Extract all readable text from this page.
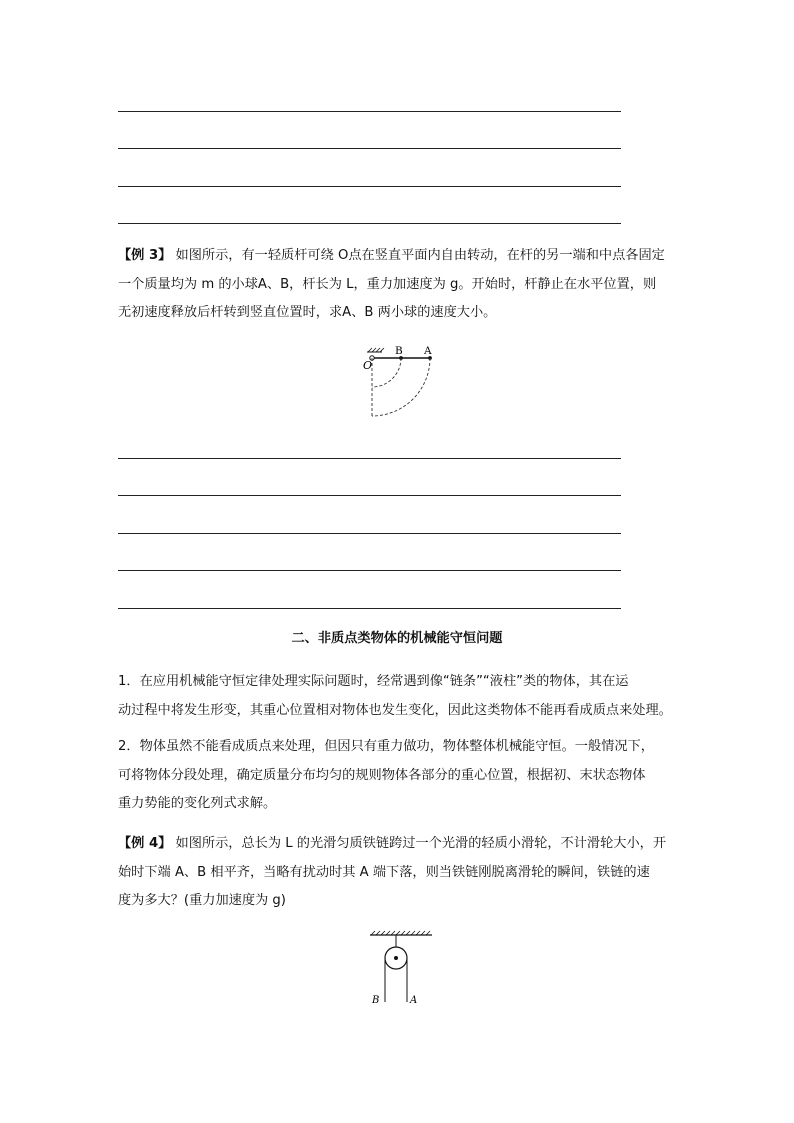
【例 3】 如图所示，有一轻质杆可绕 O点在竖直平面内自由转动，在杆的另一端和中点各固定
一个质量均为 m 的小球A、B，杆长为 L，重力加速度为 g。开始时，杆静止在水平位置，则
无初速度释放后杆转到竖直位置时，求A、B 两小球的速度大小。
O
B A
二、非质点类物体的机械能守恒问题
1．在应用机械能守恒定律处理实际问题时，经常遇到像“链条”“液柱”类的物体，其在运
动过程中将发生形变，其重心位置相对物体也发生变化，因此这类物体不能再看成质点来处理。
2．物体虽然不能看成质点来处理，但因只有重力做功，物体整体机械能守恒。一般情况下，
可将物体分段处理，确定质量分布均匀的规则物体各部分的重心位置，根据初、末状态物体
重力势能的变化列式求解。
【例 4】 如图所示，总长为 L 的光滑匀质铁链跨过一个光滑的轻质小滑轮，不计滑轮大小，开
始时下端 A、B 相平齐，当略有扰动时其 A 端下落，则当铁链刚脱离滑轮的瞬间，铁链的速
度为多大？(重力加速度为 g)
B	A
